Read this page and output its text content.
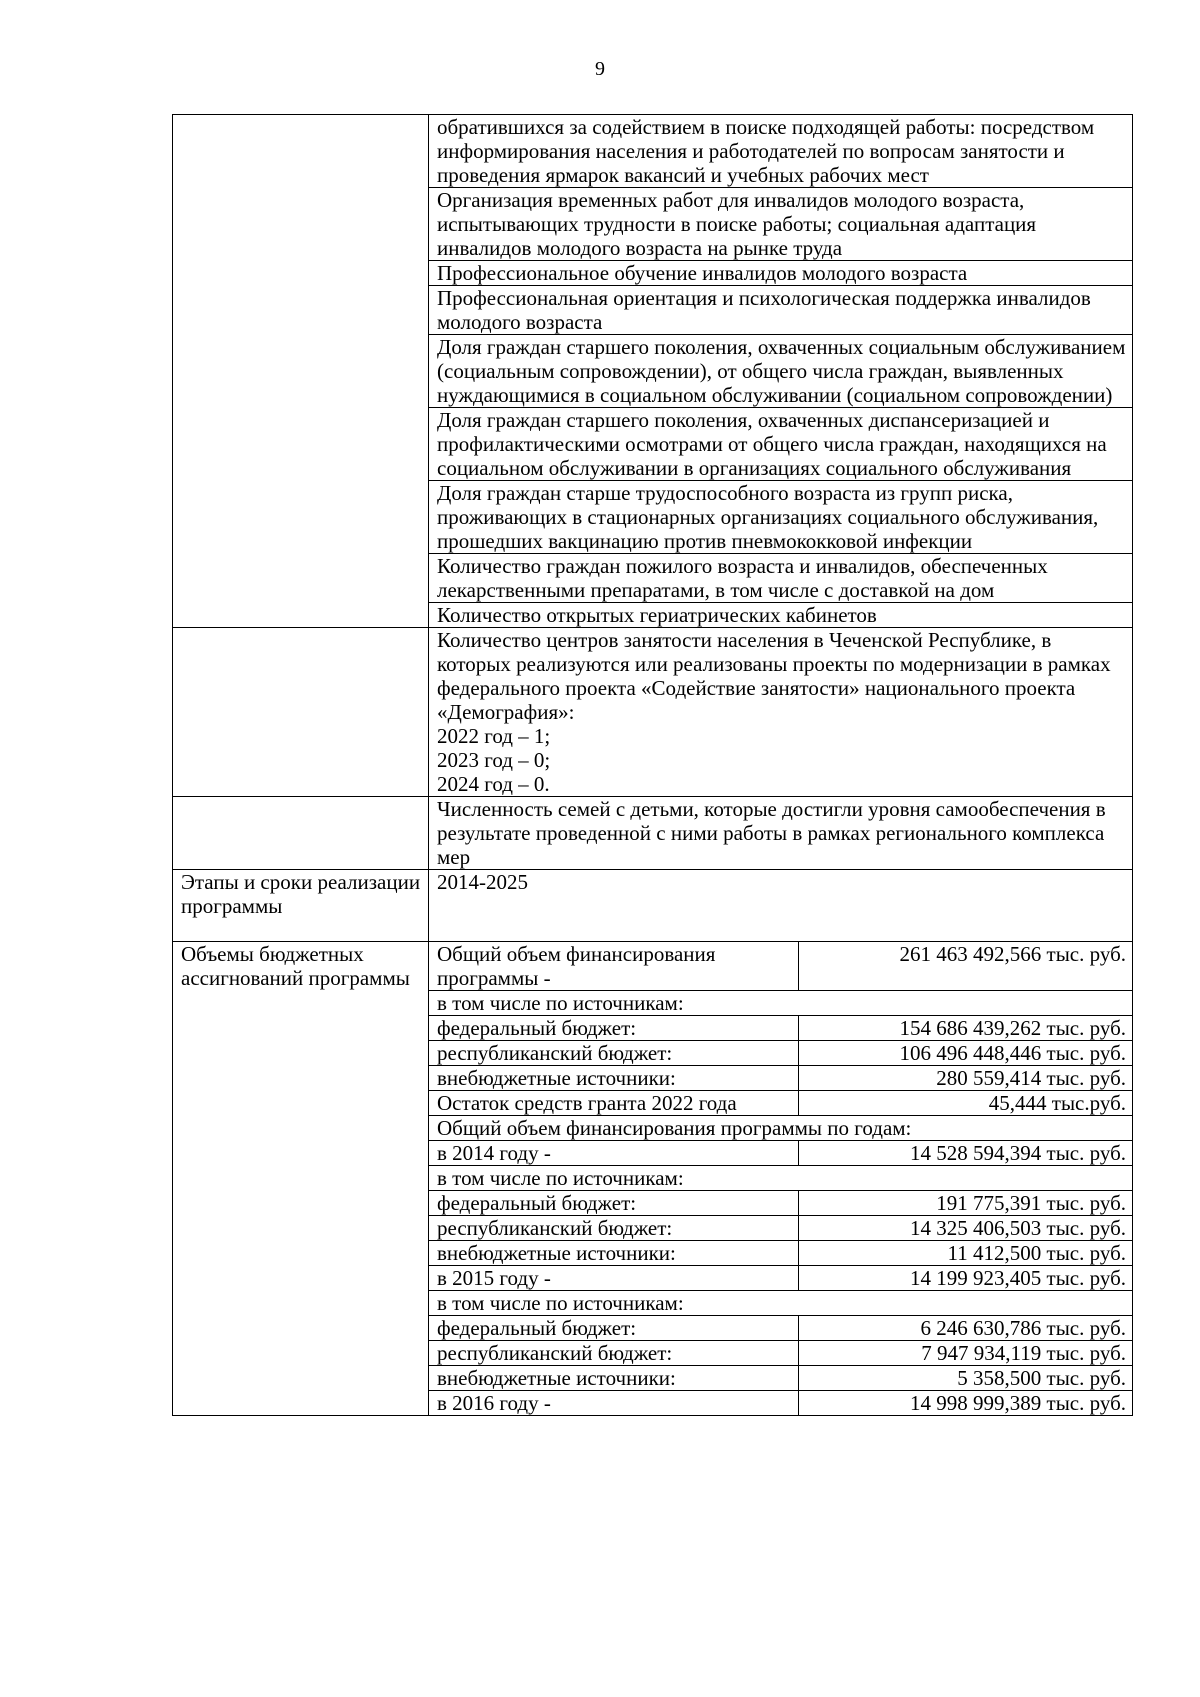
9
	обратившихся за содействием в поиске подходящей работы: посредством информирования населения и работодателей по вопросам занятости и проведения ярмарок вакансий и учебных рабочих мест	
	Организация временных работ для инвалидов молодого возраста, испытывающих трудности в поиске работы; социальная адаптация инвалидов молодого возраста на рынке труда	
	Профессиональное обучение инвалидов молодого возраста	
	Профессиональная ориентация и психологическая поддержка инвалидов молодого возраста	
	Доля граждан старшего поколения, охваченных социальным обслуживанием (социальным сопровождении), от общего числа граждан, выявленных нуждающимися в социальном обслуживании (социальном сопровождении)	
	Доля граждан старшего поколения, охваченных диспансеризацией и профилактическими осмотрами от общего числа граждан, находящихся на социальном обслуживании в организациях социального обслуживания	
	Доля граждан старше трудоспособного возраста из групп риска, проживающих в стационарных организациях социального обслуживания, прошедших вакцинацию против пневмококковой инфекции	
	Количество граждан пожилого возраста и инвалидов, обеспеченных лекарственными препаратами, в том числе с доставкой на дом	
	Количество открытых гериатрических кабинетов	

	Количество центров занятости населения в Чеченской Республике, в которых реализуются или реализованы проекты по модернизации в рамках федерального проекта «Содействие занятости» национального проекта «Демография»:
2022 год – 1;
2023 год – 0;
2024 год – 0.	

	Численность семей с детьми, которые достигли уровня самообеспечения в результате проведенной с ними работы в рамках регионального комплекса мер	
Этапы и сроки реализации программы	2014-2025	
Объемы бюджетных ассигнований программы	Общий объем финансирования программы -	261 463 492,566 тыс. руб.
	в том числе по источникам:	
	федеральный бюджет:	154 686 439,262 тыс. руб.
	республиканский бюджет:	106 496 448,446 тыс. руб.
	внебюджетные источники:	280 559,414 тыс. руб.
	Остаток средств гранта 2022 года	45,444 тыс.руб.
	Общий объем финансирования программы по годам:	
	в 2014 году -	14 528 594,394 тыс. руб.
	в том числе по источникам:	
	федеральный бюджет:	191 775,391 тыс. руб.
	республиканский бюджет:	14 325 406,503 тыс. руб.
	внебюджетные источники:	11 412,500 тыс. руб.
	в 2015 году -	14 199 923,405 тыс. руб.
	в том числе по источникам:	
	федеральный бюджет:	6 246 630,786 тыс. руб.
	республиканский бюджет:	7 947 934,119 тыс. руб.
	внебюджетные источники:	5 358,500 тыс. руб.
	в 2016 году -	14 998 999,389 тыс. руб.
